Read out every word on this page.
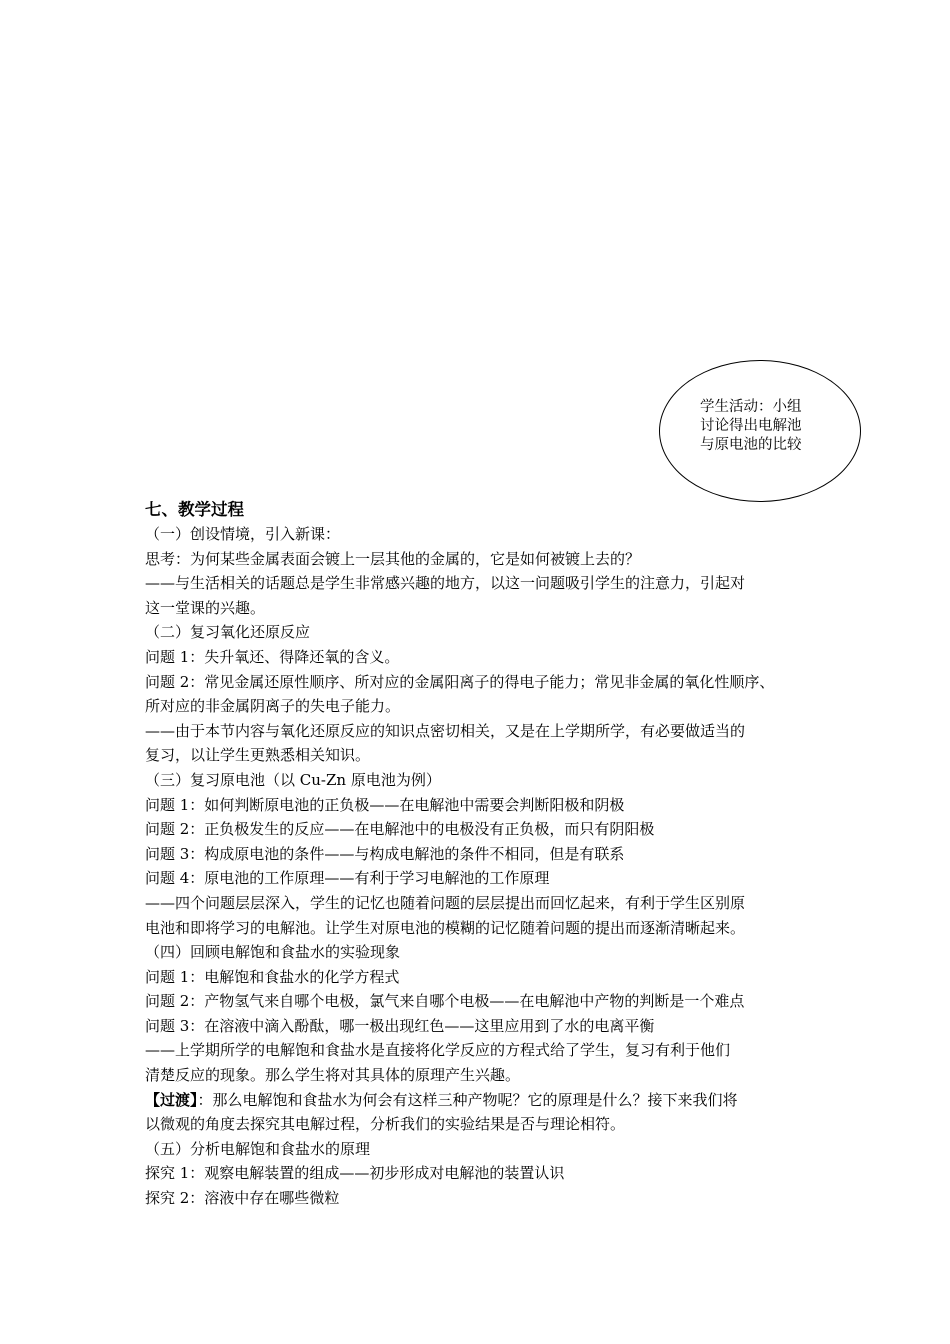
学生活动：小组
讨论得出电解池
与原电池的比较
七、教学过程
（一）创设情境，引入新课：
思考：为何某些金属表面会镀上一层其他的金属的，它是如何被镀上去的？
——与生活相关的话题总是学生非常感兴趣的地方，以这一问题吸引学生的注意力，引起对
这一堂课的兴趣。
（二）复习氧化还原反应
问题 1：失升氧还、得降还氧的含义。
问题 2：常见金属还原性顺序、所对应的金属阳离子的得电子能力；常见非金属的氧化性顺序、
所对应的非金属阴离子的失电子能力。
——由于本节内容与氧化还原反应的知识点密切相关，又是在上学期所学，有必要做适当的
复习，以让学生更熟悉相关知识。
（三）复习原电池（以 Cu-Zn 原电池为例）
问题 1：如何判断原电池的正负极——在电解池中需要会判断阳极和阴极
问题 2：正负极发生的反应——在电解池中的电极没有正负极，而只有阴阳极
问题 3：构成原电池的条件——与构成电解池的条件不相同，但是有联系
问题 4：原电池的工作原理——有利于学习电解池的工作原理
——四个问题层层深入，学生的记忆也随着问题的层层提出而回忆起来，有利于学生区别原
电池和即将学习的电解池。让学生对原电池的模糊的记忆随着问题的提出而逐渐清晰起来。
（四）回顾电解饱和食盐水的实验现象
问题 1：电解饱和食盐水的化学方程式
问题 2：产物氢气来自哪个电极，氯气来自哪个电极——在电解池中产物的判断是一个难点
问题 3：在溶液中滴入酚酞，哪一极出现红色——这里应用到了水的电离平衡
——上学期所学的电解饱和食盐水是直接将化学反应的方程式给了学生，复习有利于他们
清楚反应的现象。那么学生将对其具体的原理产生兴趣。
【过渡】：那么电解饱和食盐水为何会有这样三种产物呢？它的原理是什么？接下来我们将
以微观的角度去探究其电解过程，分析我们的实验结果是否与理论相符。
（五）分析电解饱和食盐水的原理
探究 1：观察电解装置的组成——初步形成对电解池的装置认识
探究 2：溶液中存在哪些微粒
